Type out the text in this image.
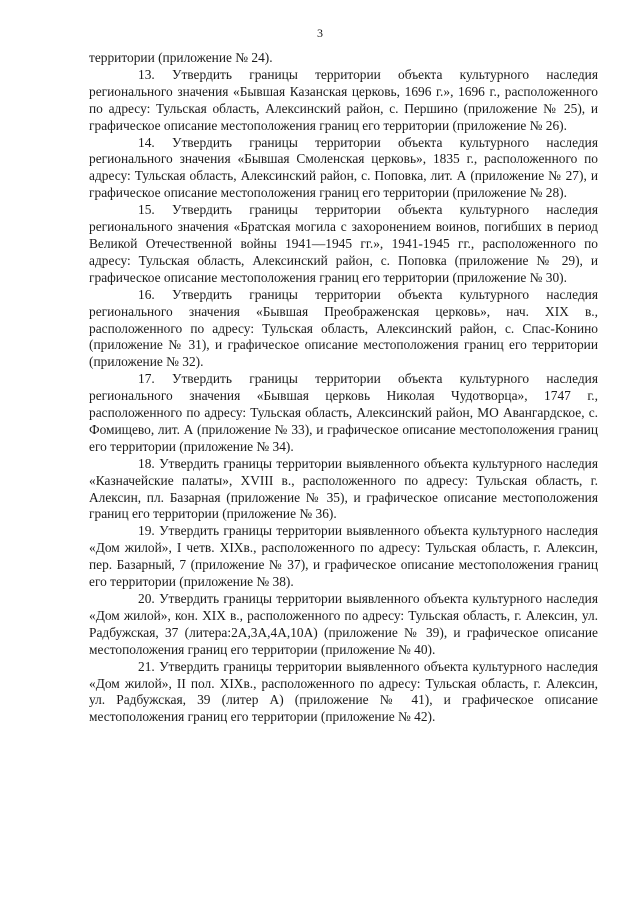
3

территории (приложение № 24).

13. Утвердить границы территории объекта культурного наследия регионального значения «Бывшая Казанская церковь, 1696 г.», 1696 г., расположенного по адресу: Тульская область, Алексинский район, с. Першино (приложение № 25), и графическое описание местоположения границ его территории (приложение № 26).

14. Утвердить границы территории объекта культурного наследия регионального значения «Бывшая Смоленская церковь», 1835 г., расположенного по адресу: Тульская область, Алексинский район, с. Поповка, лит. А (приложение № 27), и графическое описание местоположения границ его территории (приложение № 28).

15. Утвердить границы территории объекта культурного наследия регионального значения «Братская могила с захоронением воинов, погибших в период Великой Отечественной войны 1941—1945 гг.», 1941-1945 гг., расположенного по адресу: Тульская область, Алексинский район, с. Поповка (приложение № 29), и графическое описание местоположения границ его территории (приложение № 30).

16. Утвердить границы территории объекта культурного наследия регионального значения «Бывшая Преображенская церковь», нач. XIX в., расположенного по адресу: Тульская область, Алексинский район, с. Спас-Конино (приложение № 31), и графическое описание местоположения границ его территории (приложение № 32).

17. Утвердить границы территории объекта культурного наследия регионального значения «Бывшая церковь Николая Чудотворца», 1747 г., расположенного по адресу: Тульская область, Алексинский район, МО Авангардское, с. Фомищево, лит. А (приложение № 33), и графическое описание местоположения границ его территории (приложение № 34).

18. Утвердить границы территории выявленного объекта культурного наследия «Казначейские палаты», XVIII в., расположенного по адресу: Тульская область, г. Алексин, пл. Базарная (приложение № 35), и графическое описание местоположения границ его территории (приложение № 36).

19. Утвердить границы территории выявленного объекта культурного наследия «Дом жилой», I четв. XIXв., расположенного по адресу: Тульская область, г. Алексин, пер. Базарный, 7 (приложение № 37), и графическое описание местоположения границ его территории (приложение № 38).

20. Утвердить границы территории выявленного объекта культурного наследия «Дом жилой», кон. XIX в., расположенного по адресу: Тульская область, г. Алексин, ул. Радбужская, 37 (литера:2А,3А,4А,10А) (приложение № 39), и графическое описание местоположения границ его территории (приложение № 40).

21. Утвердить границы территории выявленного объекта культурного наследия «Дом жилой», II пол. XIXв., расположенного по адресу: Тульская область, г. Алексин, ул. Радбужская, 39 (литер А) (приложение № 41), и графическое описание местоположения границ его территории (приложение № 42).
